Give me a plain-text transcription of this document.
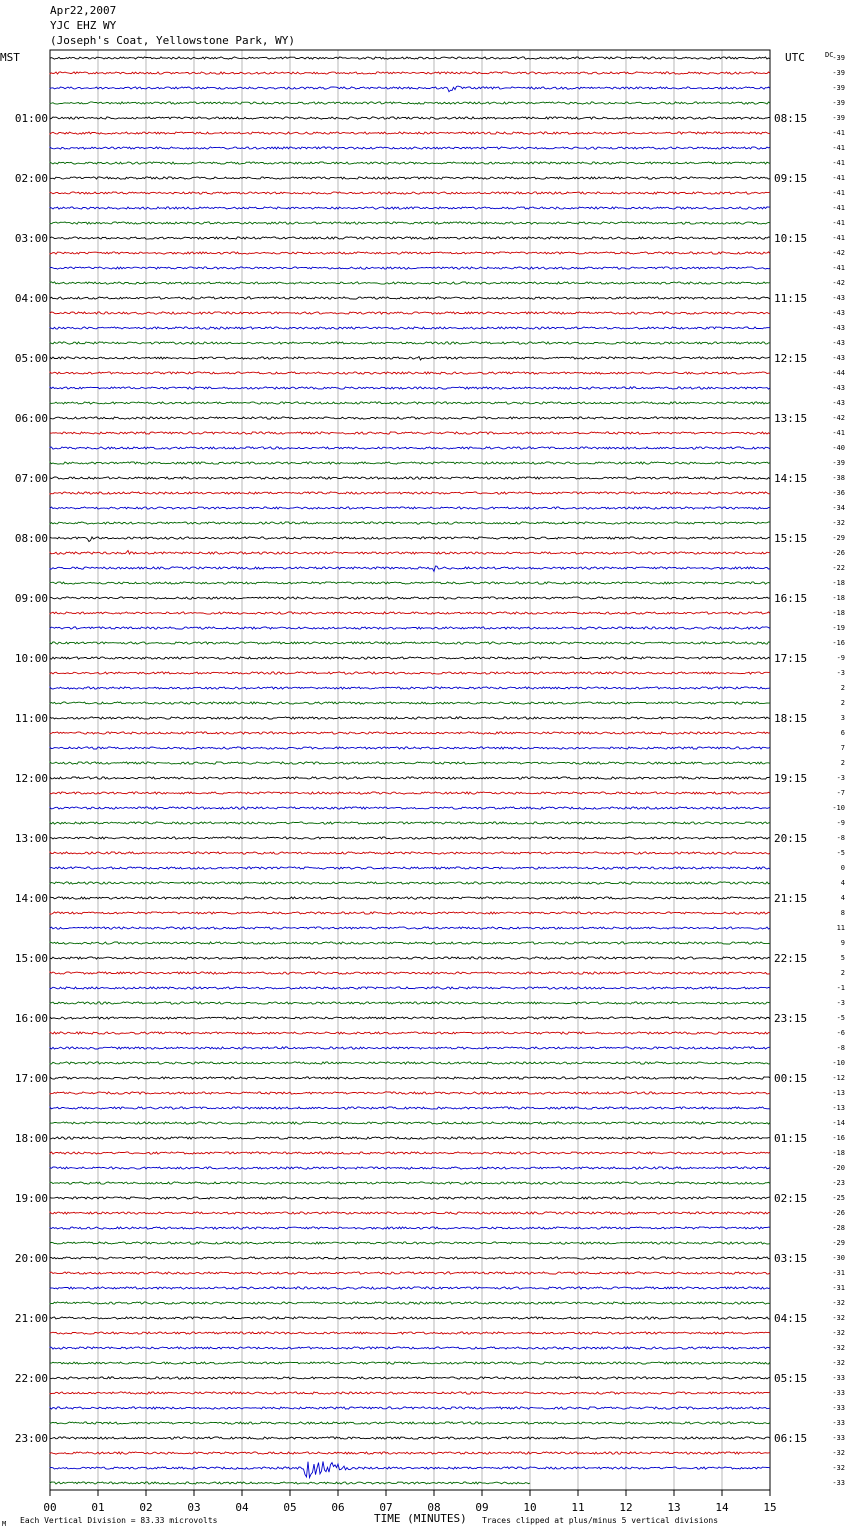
Apr22,2007
YJC EHZ WY
(Joseph's Coat, Yellowstone Park, WY)
MST	UTC	DC
TIME (MINUTES)
Each Vertical Division = 83.33 microvolts	Traces clipped at plus/minus 5 vertical divisions
M
-39
-39
-39
-39
-39
-41
-41
-41
-41
-41
-41
-41
-41
-42
-41
-42
-43
-43
-43
-43
-43
-44
-43
-43
-42
-41
-40
-39
-38
-36
-34
-32
-29
-26
-22
-18
-18
-18
-19
-16
-9
-3
2
2
3
6
7
2
-3
-7
-10
-9
-8
-5
0
4
4
8
11
9
5
2
-1
-3
-5
-6
-8
-10
-12
-13
-13
-14
-16
-18
-20
-23
-25
-26
-28
-29
-30
-31
-31
-32
-32
-32
-32
-32
-33
-33
-33
-33
-33
-32
-32
-33
01:00
02:00
03:00
04:00
05:00
06:00
07:00
08:00
09:00
10:00
11:00
12:00
13:00
14:00
15:00
16:00
17:00
18:00
19:00
20:00
21:00
22:00
23:00
08:15
09:15
10:15
11:15
12:15
13:15
14:15
15:15
16:15
17:15
18:15
19:15
20:15
21:15
22:15
23:15
00:15
01:15
02:15
03:15
04:15
05:15
06:15
00	01	02	03	04	05	06	07	08	09	10	11	12	13	14	15
